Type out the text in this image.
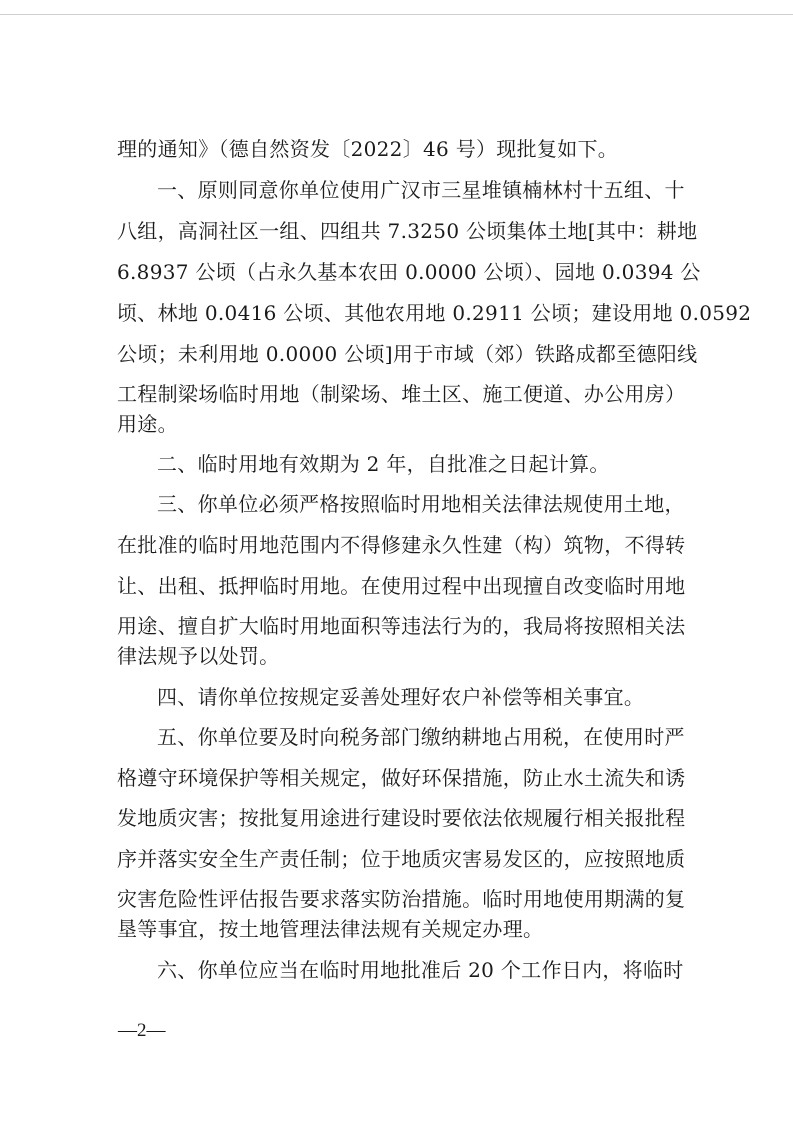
理的通知》（德自然资发〔2022〕46 号）现批复如下。
一、原则同意你单位使用广汉市三星堆镇楠林村十五组、十
八组，高洞社区一组、四组共 7.3250 公顷集体土地[其中：耕地
6.8937 公顷（占永久基本农田 0.0000 公顷）、园地 0.0394 公
顷、林地 0.0416 公顷、其他农用地 0.2911 公顷；建设用地 0.0592
公顷；未利用地 0.0000 公顷]用于市域（郊）铁路成都至德阳线
工程制梁场临时用地（制梁场、堆土区、施工便道、办公用房）
用途。
二、临时用地有效期为 2 年，自批准之日起计算。
三、你单位必须严格按照临时用地相关法律法规使用土地，
在批准的临时用地范围内不得修建永久性建（构）筑物，不得转
让、出租、抵押临时用地。在使用过程中出现擅自改变临时用地
用途、擅自扩大临时用地面积等违法行为的，我局将按照相关法
律法规予以处罚。
四、请你单位按规定妥善处理好农户补偿等相关事宜。
五、你单位要及时向税务部门缴纳耕地占用税，在使用时严
格遵守环境保护等相关规定，做好环保措施，防止水土流失和诱
发地质灾害；按批复用途进行建设时要依法依规履行相关报批程
序并落实安全生产责任制；位于地质灾害易发区的，应按照地质
灾害危险性评估报告要求落实防治措施。临时用地使用期满的复
垦等事宜，按土地管理法律法规有关规定办理。
六、你单位应当在临时用地批准后 20 个工作日内，将临时
—2—
